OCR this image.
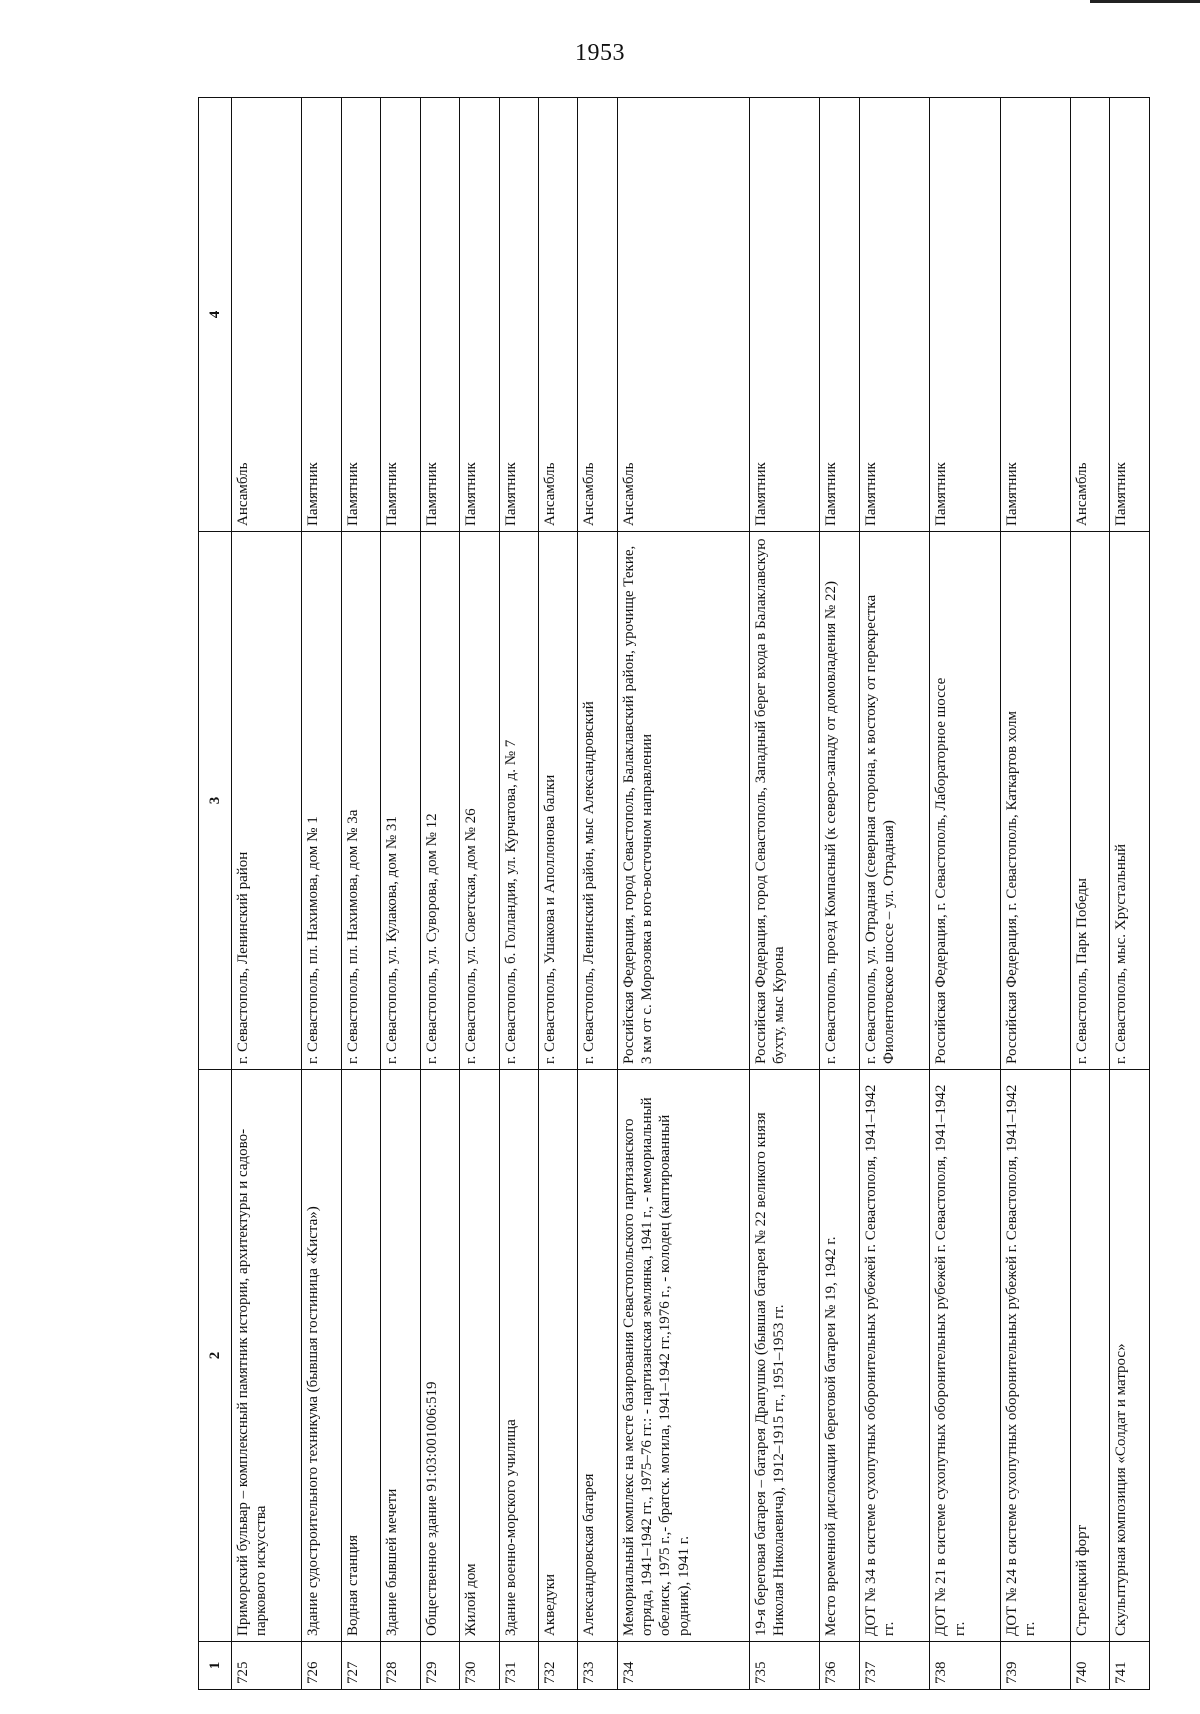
1953
1	2	3	4
725	Приморский бульвар – комплексный памятник истории, архитектуры и садово-паркового искусства	г. Севастополь, Ленинский район	Ансамбль
726	Здание судостроительного техникума (бывшая гостиница «Киста»)	г. Севастополь, пл. Нахимова, дом № 1	Памятник
727	Водная станция	г. Севастополь, пл. Нахимова, дом № 3а	Памятник
728	Здание бывшей мечети	г. Севастополь, ул. Кулакова, дом № 31	Памятник
729	Общественное здание 91:03:001006:519	г. Севастополь, ул. Суворова, дом № 12	Памятник
730	Жилой дом	г. Севастополь, ул. Советская, дом № 26	Памятник
731	Здание военно-морского училища	г. Севастополь, б. Голландия, ул. Курчатова, д. № 7	Памятник
732	Акведуки	г. Севастополь, Ушакова и Аполлонова балки	Ансамбль
733	Александровская батарея	г. Севастополь, Ленинский район, мыс Александровский	Ансамбль
734	Мемориальный комплекс на месте базирования Севастопольского партизанского отряда, 1941–1942 гг., 1975–76 гг.: - партизанская землянка, 1941 г., - мемориальный обелиск, 1975 г.,- братск. могила, 1941–1942 гг.,1976 г., - колодец (каптированный родник), 1941 г.	Российская Федерация, город Севастополь, Балаклавский район, урочище Текие, 3 км от с. Морозовка в юго-восточном направлении	Ансамбль
735	19-я береговая батарея – батарея Драпушко (бывшая батарея № 22 великого князя Николая Николаевича), 1912–1915 гг., 1951–1953 гг.	Российская Федерация, город Севастополь, Западный берег входа в Балаклавскую бухту, мыс Курона	Памятник
736	Место временной дислокации береговой батареи № 19, 1942 г.	г. Севастополь, проезд Компасный (к северо-западу от домовладения № 22)	Памятник
737	ДОТ № 34 в системе сухопутных оборонительных рубежей г. Севастополя, 1941–1942 гг.	г. Севастополь, ул. Отрадная (северная сторона, к востоку от перекрестка Фиолентовское шоссе – ул. Отрадная)	Памятник
738	ДОТ № 21 в системе сухопутных оборонительных рубежей г. Севастополя, 1941–1942 гг.	Российская Федерация, г. Севастополь, Лабораторное шоссе	Памятник
739	ДОТ № 24 в системе сухопутных оборонительных рубежей г. Севастополя, 1941–1942 гг.	Российская Федерация, г. Севастополь, Каткартов холм	Памятник
740	Стрелецкий форт	г. Севастополь, Парк Победы	Ансамбль
741	Скульптурная композиция «Солдат и матрос»	г. Севастополь, мыс. Хрустальный	Памятник
